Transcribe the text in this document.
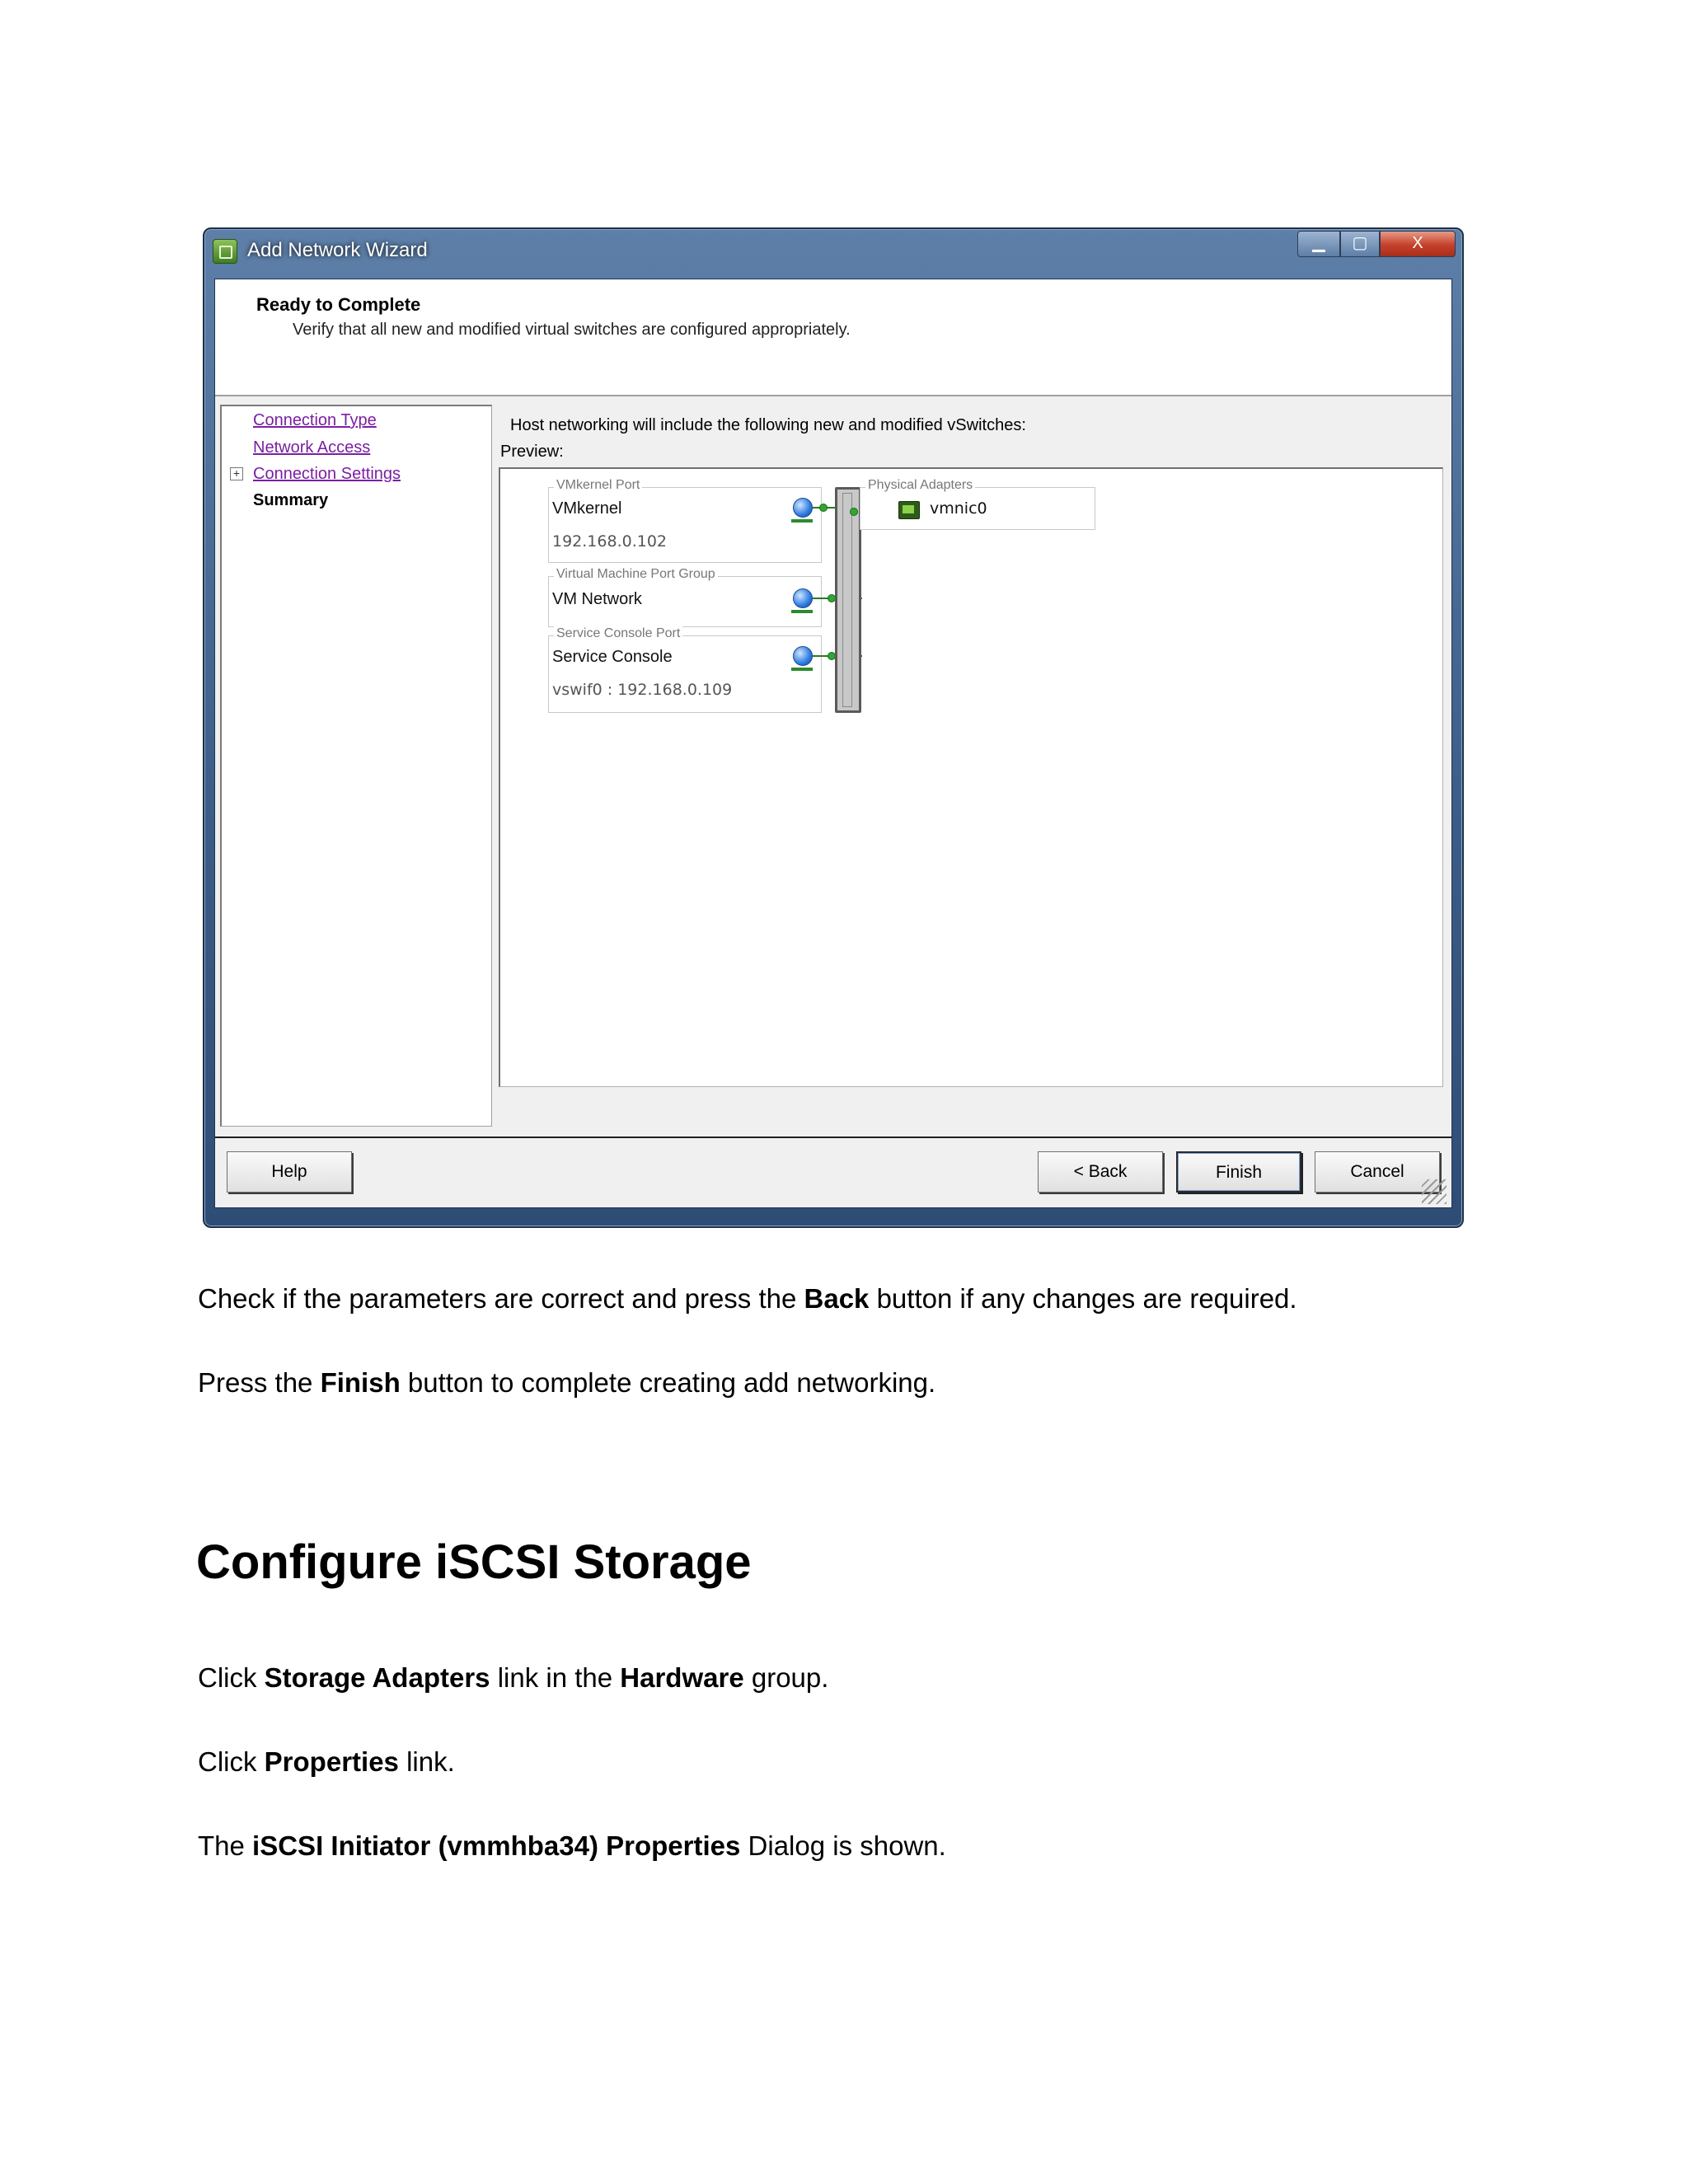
Add Network Wizard	▁	▢	X
Ready to Complete
Verify that all new and modified virtual switches are configured appropriately.
Connection Type
Network Access
+ Connection Settings
Summary
Host networking will include the following new and modified vSwitches:
Preview:
VMkernel Port
VMkernel
192.168.0.102
Virtual Machine Port Group
VM Network
Service Console Port
Service Console
vswif0 : 192.168.0.109
Physical Adapters
vmnic0
Help	< Back	Finish	Cancel
Check if the parameters are correct and press the Back button if any changes are required.
Press the Finish button to complete creating add networking.
Configure iSCSI Storage
Click Storage Adapters link in the Hardware group.
Click Properties link.
The iSCSI Initiator (vmmhba34) Properties Dialog is shown.
